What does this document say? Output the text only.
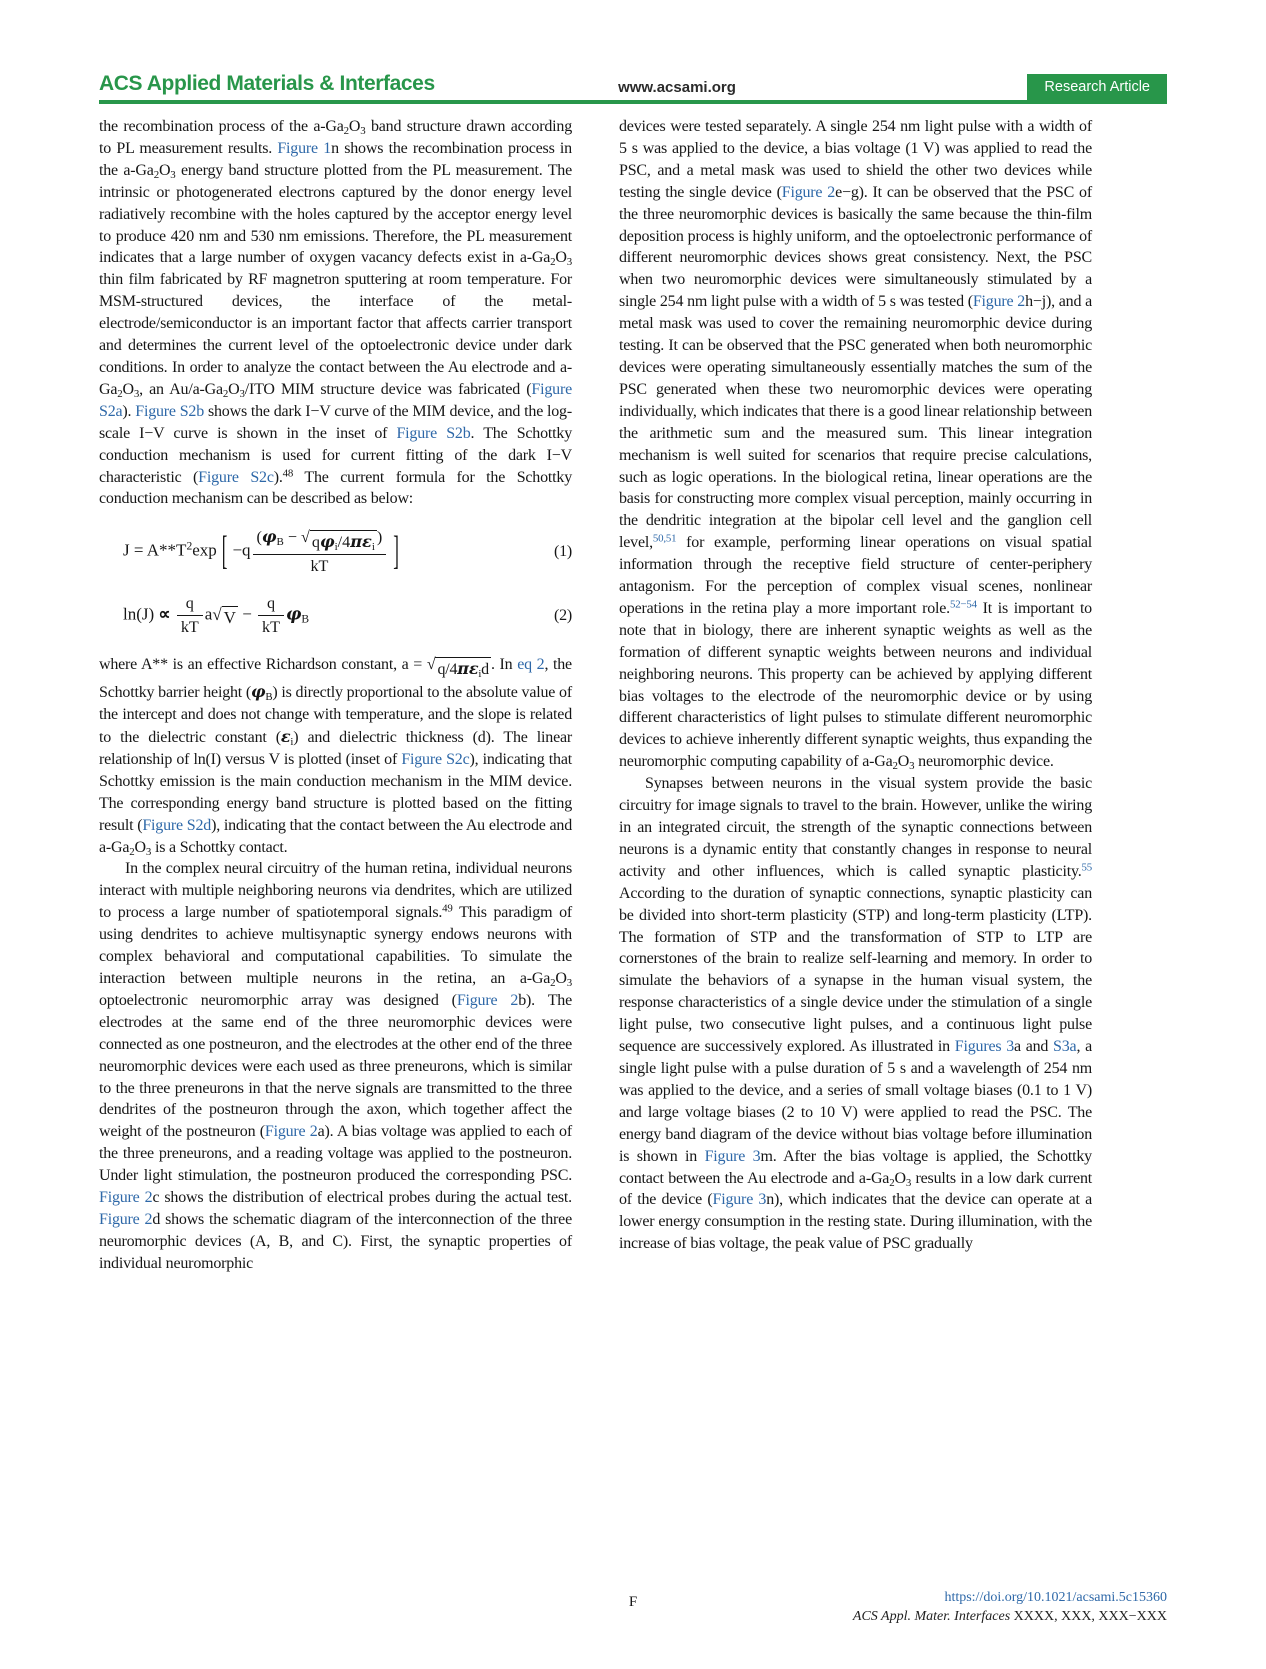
ACS Applied Materials & Interfaces	www.acsami.org	Research Article

the recombination process of the $a-Ga_2O_3$ band structure drawn according to PL measurement results. Figure 1n shows the recombination process in the $a-Ga_2O_3$ energy band structure plotted from the PL measurement. The intrinsic or photogenerated electrons captured by the donor energy level radiatively recombine with the holes captured by the acceptor energy level to produce 420 nm and 530 nm emissions. Therefore, the PL measurement indicates that a large number of oxygen vacancy defects exist in $a-Ga_2O_3$ thin film fabricated by RF magnetron sputtering at room temperature. For MSM-structured devices, the interface of the metal-electrode/semiconductor is an important factor that affects carrier transport and determines the current level of the optoelectronic device under dark conditions. In order to analyze the contact between the Au electrode and $a-Ga_2O_3$, an $Au/a-Ga_2O_3$/ITO MIM structure device was fabricated (Figure S2a). Figure S2b shows the dark I−V curve of the MIM device, and the log-scale I−V curve is shown in the inset of Figure S2b. The Schottky conduction mechanism is used for current fitting of the dark I−V characteristic (Figure S2c).$^{48}$ The current formula for the Schottky conduction mechanism can be described as below:

$J = A**T^2\exp$ [ −q ($\varphi_B$ − √ $q\varphi_i/4\pi\varepsilon_i$
)
kT ]	(1)
$\ln(J) \propto \frac{q}{kT}$ a √ $V - \frac{q}{kT} \varphi_B$	(2)

where A** is an effective Richardson constant, a = √ $q/4\pi\varepsilon_id$ . In eq 2, the Schottky barrier height $(\varphi_B)$ is directly proportional to the absolute value of the intercept and does not change with temperature, and the slope is related to the dielectric constant $(\varepsilon_i)$ and dielectric thickness (d). The linear relationship of ln(I) versus V is plotted (inset of Figure S2c), indicating that Schottky emission is the main conduction mechanism in the MIM device. The corresponding energy band structure is plotted based on the fitting result (Figure S2d), indicating that the contact between the Au electrode and $a-Ga_2O_3$ is a Schottky contact.

In the complex neural circuitry of the human retina, individual neurons interact with multiple neighboring neurons via dendrites, which are utilized to process a large number of spatiotemporal signals.$^{49}$ This paradigm of using dendrites to achieve multisynaptic synergy endows neurons with complex behavioral and computational capabilities. To simulate the interaction between multiple neurons in the retina, an $a-Ga_2O_3$ optoelectronic neuromorphic array was designed (Figure 2b). The electrodes at the same end of the three neuromorphic devices were connected as one postneuron, and the electrodes at the other end of the three neuromorphic devices were each used as three preneurons, which is similar to the three preneurons in that the nerve signals are transmitted to the three dendrites of the postneuron through the axon, which together affect the weight of the postneuron (Figure 2a). A bias voltage was applied to each of the three preneurons, and a reading voltage was applied to the postneuron. Under light stimulation, the postneuron produced the corresponding PSC. Figure 2c shows the distribution of electrical probes during the actual test. Figure 2d shows the schematic diagram of the interconnection of the three neuromorphic devices (A, B, and C). First, the synaptic properties of individual neuromorphic

devices were tested separately. A single 254 nm light pulse with a width of 5 s was applied to the device, a bias voltage (1 V) was applied to read the PSC, and a metal mask was used to shield the other two devices while testing the single device (Figure 2e−g). It can be observed that the PSC of the three neuromorphic devices is basically the same because the thin-film deposition process is highly uniform, and the optoelectronic performance of different neuromorphic devices shows great consistency. Next, the PSC when two neuromorphic devices were simultaneously stimulated by a single 254 nm light pulse with a width of 5 s was tested (Figure 2h−j), and a metal mask was used to cover the remaining neuromorphic device during testing. It can be observed that the PSC generated when both neuromorphic devices were operating simultaneously essentially matches the sum of the PSC generated when these two neuromorphic devices were operating individually, which indicates that there is a good linear relationship between the arithmetic sum and the measured sum. This linear integration mechanism is well suited for scenarios that require precise calculations, such as logic operations. In the biological retina, linear operations are the basis for constructing more complex visual perception, mainly occurring in the dendritic integration at the bipolar cell level and the ganglion cell level,$^{50,51}$ for example, performing linear operations on visual spatial information through the receptive field structure of center-periphery antagonism. For the perception of complex visual scenes, nonlinear operations in the retina play a more important role.$^{52-54}$ It is important to note that in biology, there are inherent synaptic weights as well as the formation of different synaptic weights between neurons and individual neighboring neurons. This property can be achieved by applying different bias voltages to the electrode of the neuromorphic device or by using different characteristics of light pulses to stimulate different neuromorphic devices to achieve inherently different synaptic weights, thus expanding the neuromorphic computing capability of $a-Ga_2O_3$ neuromorphic device.

Synapses between neurons in the visual system provide the basic circuitry for image signals to travel to the brain. However, unlike the wiring in an integrated circuit, the strength of the synaptic connections between neurons is a dynamic entity that constantly changes in response to neural activity and other influences, which is called synaptic plasticity.$^{55}$ According to the duration of synaptic connections, synaptic plasticity can be divided into short-term plasticity (STP) and long-term plasticity (LTP). The formation of STP and the transformation of STP to LTP are cornerstones of the brain to realize self-learning and memory. In order to simulate the behaviors of a synapse in the human visual system, the response characteristics of a single device under the stimulation of a single light pulse, two consecutive light pulses, and a continuous light pulse sequence are successively explored. As illustrated in Figures 3a and S3a, a single light pulse with a pulse duration of 5 s and a wavelength of 254 nm was applied to the device, and a series of small voltage biases (0.1 to 1 V) and large voltage biases (2 to 10 V) were applied to read the PSC. The energy band diagram of the device without bias voltage before illumination is shown in Figure 3m. After the bias voltage is applied, the Schottky contact between the Au electrode and $a-Ga_2O_3$ results in a low dark current of the device (Figure 3n), which indicates that the device can operate at a lower energy consumption in the resting state. During illumination, with the increase of bias voltage, the peak value of PSC gradually

F	https://doi.org/10.1021/acsami.5c15360
ACS Appl. Mater. Interfaces XXXX, XXX, XXX−XXX
